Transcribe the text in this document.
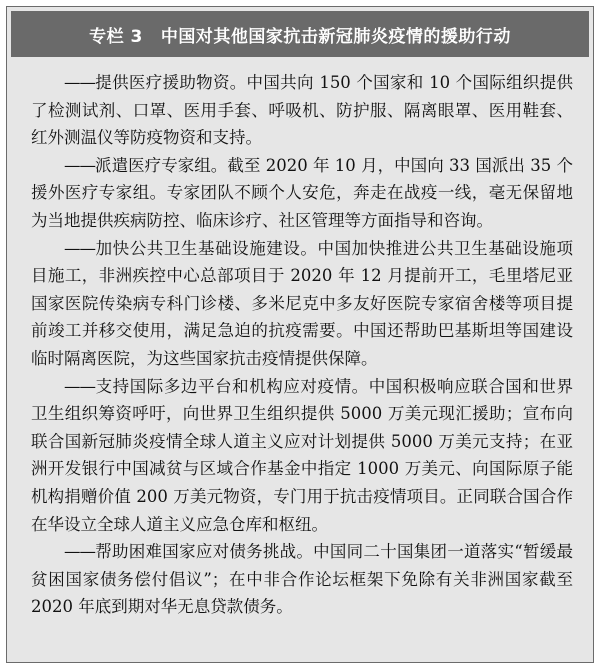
专栏 3 中国对其他国家抗击新冠肺炎疫情的援助行动

——提供医疗援助物资。中国共向 150 个国家和 10 个国际组织提供了检测试剂、口罩、医用手套、呼吸机、防护服、隔离眼罩、医用鞋套、红外测温仪等防疫物资和支持。

——派遣医疗专家组。截至 2020 年 10 月，中国向 33 国派出 35 个援外医疗专家组。专家团队不顾个人安危，奔走在战疫一线，毫无保留地为当地提供疾病防控、临床诊疗、社区管理等方面指导和咨询。

——加快公共卫生基础设施建设。中国加快推进公共卫生基础设施项目施工，非洲疾控中心总部项目于 2020 年 12 月提前开工，毛里塔尼亚国家医院传染病专科门诊楼、多米尼克中多友好医院专家宿舍楼等项目提前竣工并移交使用，满足急迫的抗疫需要。中国还帮助巴基斯坦等国建设临时隔离医院，为这些国家抗击疫情提供保障。

——支持国际多边平台和机构应对疫情。中国积极响应联合国和世界卫生组织筹资呼吁，向世界卫生组织提供 5000 万美元现汇援助；宣布向联合国新冠肺炎疫情全球人道主义应对计划提供 5000 万美元支持；在亚洲开发银行中国减贫与区域合作基金中指定 1000 万美元、向国际原子能机构捐赠价值 200 万美元物资，专门用于抗击疫情项目。正同联合国合作在华设立全球人道主义应急仓库和枢纽。

——帮助困难国家应对债务挑战。中国同二十国集团一道落实“暂缓最贫困国家债务偿付倡议”；在中非合作论坛框架下免除有关非洲国家截至 2020 年底到期对华无息贷款债务。
